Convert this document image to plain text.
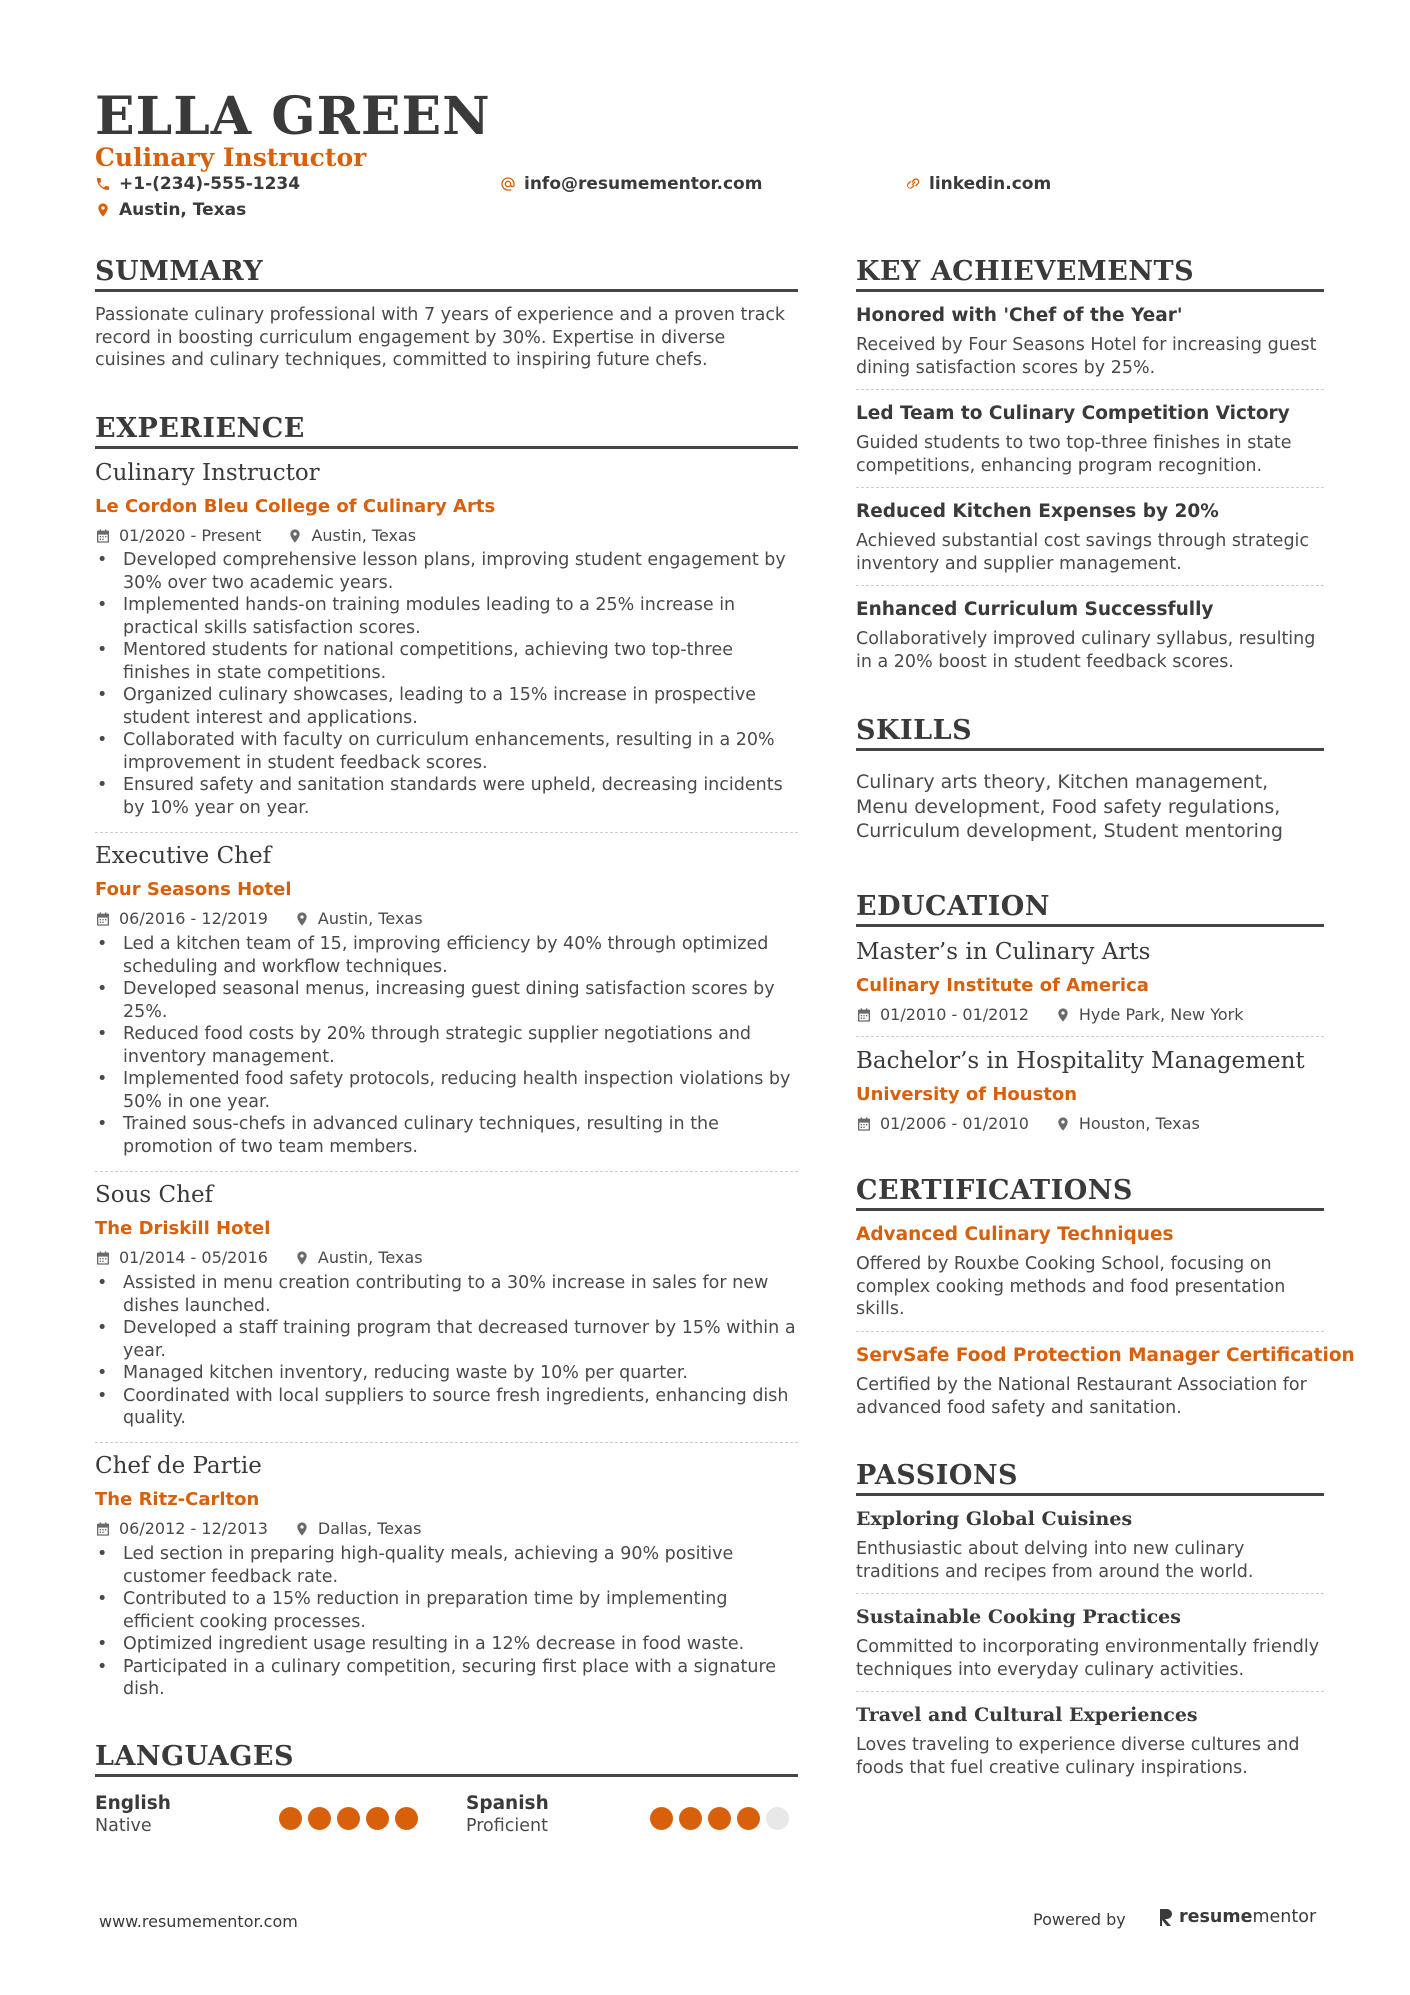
ELLA GREEN
Culinary Instructor
+1-(234)-555-1234	info@resumementor.com	linkedin.com
Austin, Texas
SUMMARY
Passionate culinary professional with 7 years of experience and a proven track record in boosting curriculum engagement by 30%. Expertise in diverse cuisines and culinary techniques, committed to inspiring future chefs.
EXPERIENCE
Culinary Instructor
Le Cordon Bleu College of Culinary Arts
01/2020 - Present	Austin, Texas
• Developed comprehensive lesson plans, improving student engagement by 30% over two academic years.
• Implemented hands-on training modules leading to a 25% increase in practical skills satisfaction scores.
• Mentored students for national competitions, achieving two top-three finishes in state competitions.
• Organized culinary showcases, leading to a 15% increase in prospective student interest and applications.
• Collaborated with faculty on curriculum enhancements, resulting in a 20% improvement in student feedback scores.
• Ensured safety and sanitation standards were upheld, decreasing incidents by 10% year on year.
Executive Chef
Four Seasons Hotel
06/2016 - 12/2019	Austin, Texas
• Led a kitchen team of 15, improving efficiency by 40% through optimized scheduling and workflow techniques.
• Developed seasonal menus, increasing guest dining satisfaction scores by 25%.
• Reduced food costs by 20% through strategic supplier negotiations and inventory management.
• Implemented food safety protocols, reducing health inspection violations by 50% in one year.
• Trained sous-chefs in advanced culinary techniques, resulting in the promotion of two team members.
Sous Chef
The Driskill Hotel
01/2014 - 05/2016	Austin, Texas
• Assisted in menu creation contributing to a 30% increase in sales for new dishes launched.
• Developed a staff training program that decreased turnover by 15% within a year.
• Managed kitchen inventory, reducing waste by 10% per quarter.
• Coordinated with local suppliers to source fresh ingredients, enhancing dish quality.
Chef de Partie
The Ritz-Carlton
06/2012 - 12/2013	Dallas, Texas
• Led section in preparing high-quality meals, achieving a 90% positive customer feedback rate.
• Contributed to a 15% reduction in preparation time by implementing efficient cooking processes.
• Optimized ingredient usage resulting in a 12% decrease in food waste.
• Participated in a culinary competition, securing first place with a signature dish.
LANGUAGES
English
Native
Spanish
Proficient
KEY ACHIEVEMENTS
Honored with 'Chef of the Year'
Received by Four Seasons Hotel for increasing guest dining satisfaction scores by 25%.
Led Team to Culinary Competition Victory
Guided students to two top-three finishes in state competitions, enhancing program recognition.
Reduced Kitchen Expenses by 20%
Achieved substantial cost savings through strategic inventory and supplier management.
Enhanced Curriculum Successfully
Collaboratively improved culinary syllabus, resulting in a 20% boost in student feedback scores.
SKILLS
Culinary arts theory, Kitchen management, Menu development, Food safety regulations, Curriculum development, Student mentoring
EDUCATION
Master’s in Culinary Arts
Culinary Institute of America
01/2010 - 01/2012	Hyde Park, New York
Bachelor’s in Hospitality Management
University of Houston
01/2006 - 01/2010	Houston, Texas
CERTIFICATIONS
Advanced Culinary Techniques
Offered by Rouxbe Cooking School, focusing on complex cooking methods and food presentation skills.
ServSafe Food Protection Manager Certification
Certified by the National Restaurant Association for advanced food safety and sanitation.
PASSIONS
Exploring Global Cuisines
Enthusiastic about delving into new culinary traditions and recipes from around the world.
Sustainable Cooking Practices
Committed to incorporating environmentally friendly techniques into everyday culinary activities.
Travel and Cultural Experiences
Loves traveling to experience diverse cultures and foods that fuel creative culinary inspirations.
www.resumementor.com	Powered by	resumementor
